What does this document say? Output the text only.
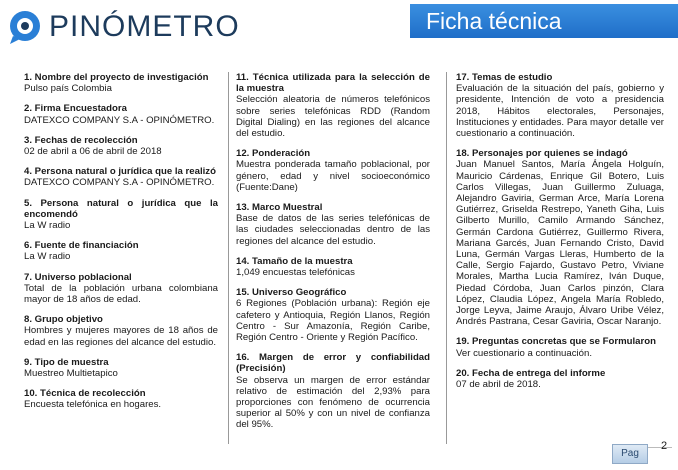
PINÓMETRO	Ficha técnica
1. Nombre del proyecto de investigación
Pulso país Colombia
2. Firma Encuestadora
DATEXCO COMPANY S.A - OPINÓMETRO.
3. Fechas de recolección
02 de abril a 06 de abril de 2018
4. Persona natural o jurídica que la realizó
DATEXCO COMPANY S.A - OPINÓMETRO.
5. Persona natural o jurídica que la encomendó
La W radio
6. Fuente de financiación
La W radio
7. Universo poblacional
Total de la población urbana colombiana mayor de 18 años de edad.
8. Grupo objetivo
Hombres y mujeres mayores de 18 años de edad en las regiones del alcance del estudio.
9. Tipo de muestra
Muestreo Multietapico
10. Técnica de recolección
Encuesta telefónica en hogares.
11. Técnica utilizada para la selección de la muestra
Selección aleatoria de números telefónicos sobre series telefónicas RDD (Random Digital Dialing) en las regiones del alcance del estudio.
12. Ponderación
Muestra ponderada tamaño poblacional, por género, edad y nivel socioeconómico (Fuente:Dane)
13. Marco Muestral
Base de datos de las series telefónicas de las ciudades seleccionadas dentro de las regiones del alcance del estudio.
14. Tamaño de la muestra
1,049 encuestas telefónicas
15. Universo Geográfico
6 Regiones (Población urbana): Región eje cafetero y Antioquia, Región Llanos, Región Centro - Sur Amazonía, Región Caribe, Región Centro - Oriente y Región Pacífico.
16. Margen de error y confiabilidad (Precisión)
Se observa un margen de error estándar relativo de estimación del 2,93% para proporciones con fenómeno de ocurrencia superior al 50% y con un nivel de confianza del 95%.
17. Temas de estudio
Evaluación de la situación del país, gobierno y presidente, Intención de voto a presidencia 2018, Hábitos electorales, Personajes, Instituciones y entidades. Para mayor detalle ver cuestionario a continuación.
18. Personajes por quienes se indagó
Juan Manuel Santos, María Ángela Holguín, Mauricio Cárdenas, Enrique Gil Botero, Luis Carlos Villegas, Juan Guillermo Zuluaga, Alejandro Gaviria, German Arce, María Lorena Gutiérrez, Griselda Restrepo, Yaneth Giha, Luis Gilberto Murillo, Camilo Armando Sánchez, Germán Cardona Gutiérrez, Guillermo Rivera, Mariana Garcés, Juan Fernando Cristo, David Luna, Germán Vargas Lleras, Humberto de la Calle, Sergio Fajardo, Gustavo Petro, Viviane Morales, Martha Lucia Ramírez, Iván Duque, Piedad Córdoba, Juan Carlos pinzón, Clara López, Claudia López, Angela María Robledo, Jorge Leyva, Jaime Araujo, Álvaro Uribe Vélez, Andrés Pastrana, Cesar Gaviria, Oscar Naranjo.
19. Preguntas concretas que se Formularon
Ver cuestionario a continuación.
20. Fecha de entrega del informe
07 de abril de 2018.
Pag
2
